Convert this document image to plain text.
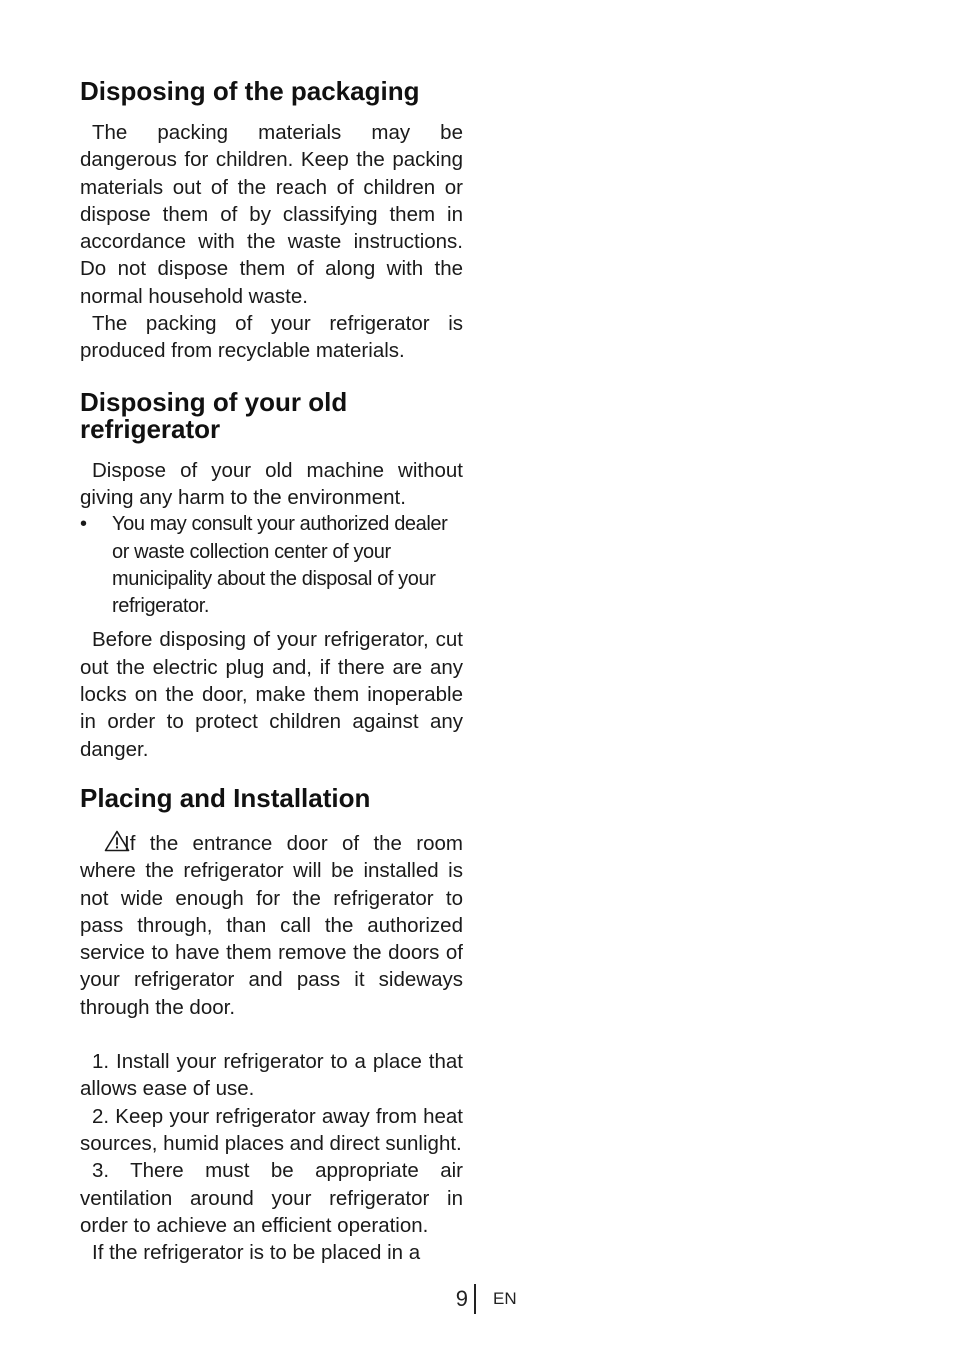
Disposing of the packaging

The packing materials may be dangerous for children. Keep the packing materials out of the reach of children or dispose them of by classifying them in accordance with the waste instructions. Do not dispose them of along with the normal household waste.

The packing of your refrigerator is produced from recyclable materials.

Disposing of your old refrigerator

Dispose of your old machine without giving any harm to the environment.

•	You may consult your authorized dealer or waste collection center of your municipality about the disposal of your refrigerator.

Before disposing of your refrigerator, cut out the electric plug and, if there are any locks on the door, make them inoperable in order to protect children against any danger.

Placing and Installation

If the entrance door of the room where the refrigerator will be installed is not wide enough for the refrigerator to pass through, than call the authorized service to have them remove the doors of your refrigerator and pass it sideways through the door.

1. Install your refrigerator to a place that allows ease of use.

2. Keep your refrigerator away from heat sources, humid places and direct sunlight.

3. There must be appropriate air ventilation around your refrigerator in order to achieve an efficient operation.

If the refrigerator is to be placed in a

9	EN
